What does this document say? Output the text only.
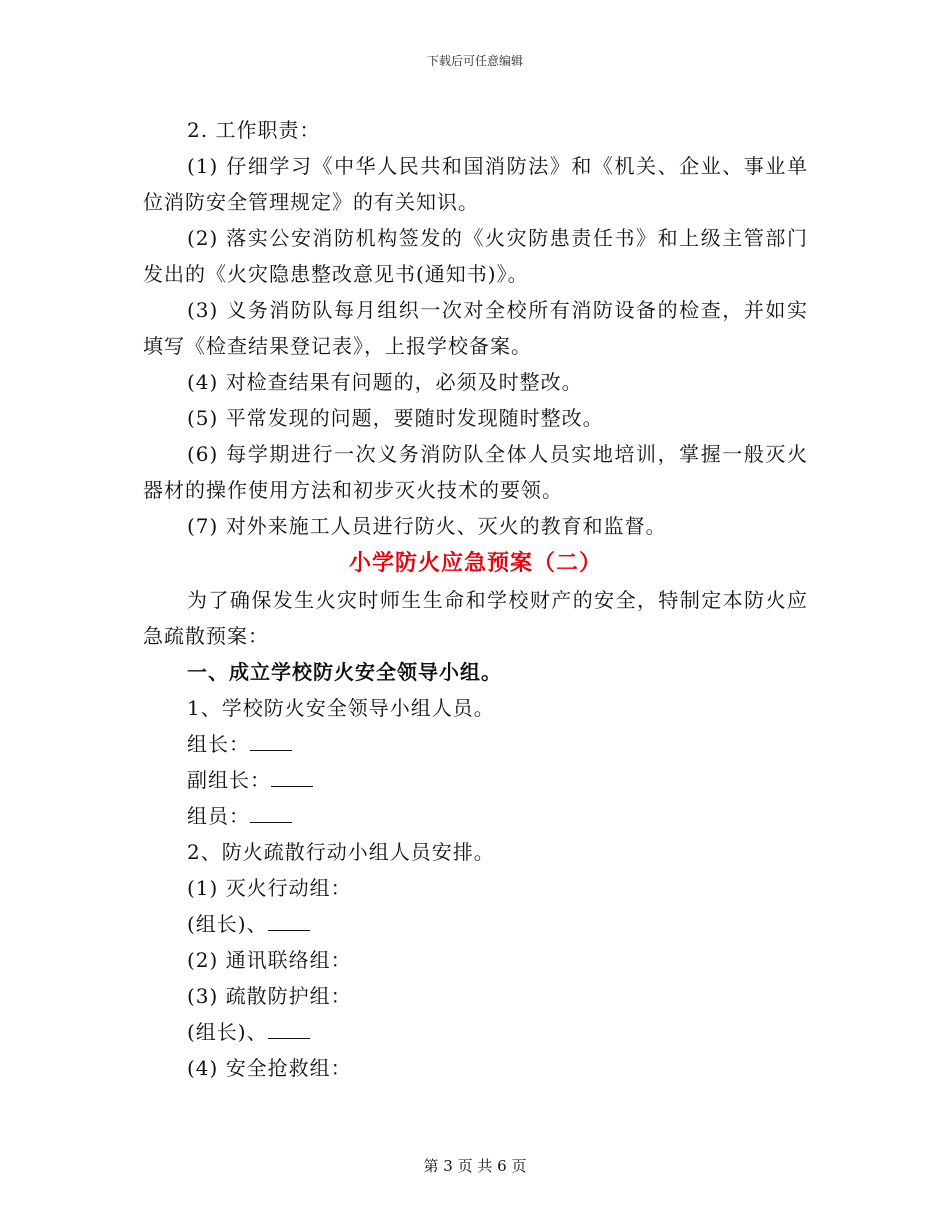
下载后可任意编辑

2. 工作职责：

(1) 仔细学习《中华人民共和国消防法》和《机关、企业、事业单位消防安全管理规定》的有关知识。

(2) 落实公安消防机构签发的《火灾防患责任书》和上级主管部门发出的《火灾隐患整改意见书(通知书)》。

(3) 义务消防队每月组织一次对全校所有消防设备的检查，并如实填写《检查结果登记表》，上报学校备案。

(4) 对检查结果有问题的，必须及时整改。

(5) 平常发现的问题，要随时发现随时整改。

(6) 每学期进行一次义务消防队全体人员实地培训，掌握一般灭火器材的操作使用方法和初步灭火技术的要领。

(7) 对外来施工人员进行防火、灭火的教育和监督。

小学防火应急预案（二）

为了确保发生火灾时师生生命和学校财产的安全，特制定本防火应急疏散预案：

一、成立学校防火安全领导小组。

1、学校防火安全领导小组人员。

组长：

副组长：

组员：

2、防火疏散行动小组人员安排。

(1) 灭火行动组：

(组长)、

(2) 通讯联络组：

(3) 疏散防护组：

(组长)、

(4) 安全抢救组：

第 3 页 共 6 页
